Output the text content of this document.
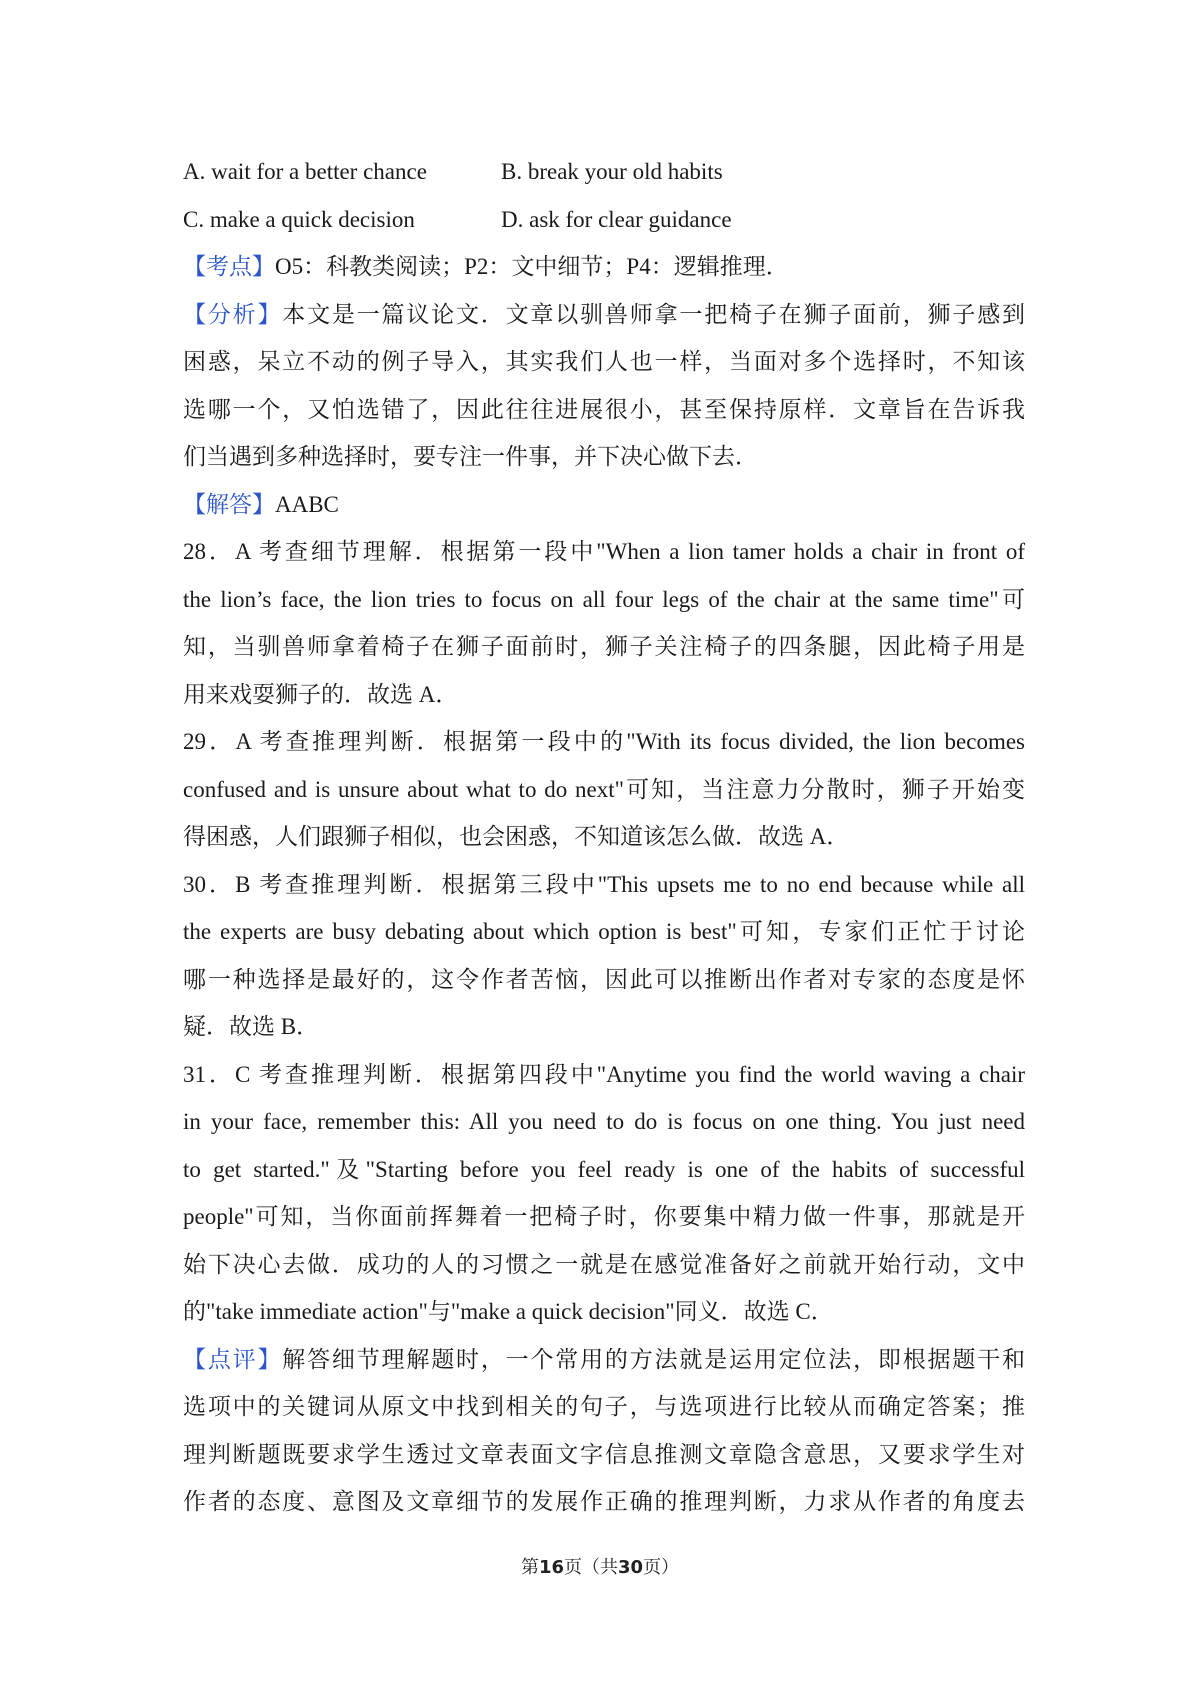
A. wait for a better chance	B. break your old habits
C. make a quick decision	D. ask for clear guidance
【考点】O5：科教类阅读；P2：文中细节；P4：逻辑推理．
【分析】本文是一篇议论文．文章以驯兽师拿一把椅子在狮子面前，狮子感到
困惑，呆立不动的例子导入，其实我们人也一样，当面对多个选择时，不知该
选哪一个，又怕选错了，因此往往进展很小，甚至保持原样．文章旨在告诉我
们当遇到多种选择时，要专注一件事，并下决心做下去．
【解答】AABC
28．A 考查细节理解．根据第一段中"When a lion tamer holds a chair in front of
the lion’s face, the lion tries to focus on all four legs of the chair at the same time"可
知，当驯兽师拿着椅子在狮子面前时，狮子关注椅子的四条腿，因此椅子用是
用来戏耍狮子的．故选 A．
29．A 考查推理判断．根据第一段中的"With its focus divided, the lion becomes
confused and is unsure about what to do next"可知，当注意力分散时，狮子开始变
得困惑，人们跟狮子相似，也会困惑，不知道该怎么做．故选 A．
30．B 考查推理判断．根据第三段中"This upsets me to no end because while all
the experts are busy debating about which option is best"可知，专家们正忙于讨论
哪一种选择是最好的，这令作者苦恼，因此可以推断出作者对专家的态度是怀
疑．故选 B．
31．C 考查推理判断．根据第四段中"Anytime you find the world waving a chair
in your face, remember this: All you need to do is focus on one thing. You just need
to get started."及"Starting before you feel ready is one of the habits of successful
people"可知，当你面前挥舞着一把椅子时，你要集中精力做一件事，那就是开
始下决心去做．成功的人的习惯之一就是在感觉准备好之前就开始行动，文中
的"take immediate action"与"make a quick decision"同义．故选 C．
【点评】解答细节理解题时，一个常用的方法就是运用定位法，即根据题干和
选项中的关键词从原文中找到相关的句子，与选项进行比较从而确定答案；推
理判断题既要求学生透过文章表面文字信息推测文章隐含意思，又要求学生对
作者的态度、意图及文章细节的发展作正确的推理判断，力求从作者的角度去
第16页（共30页）
